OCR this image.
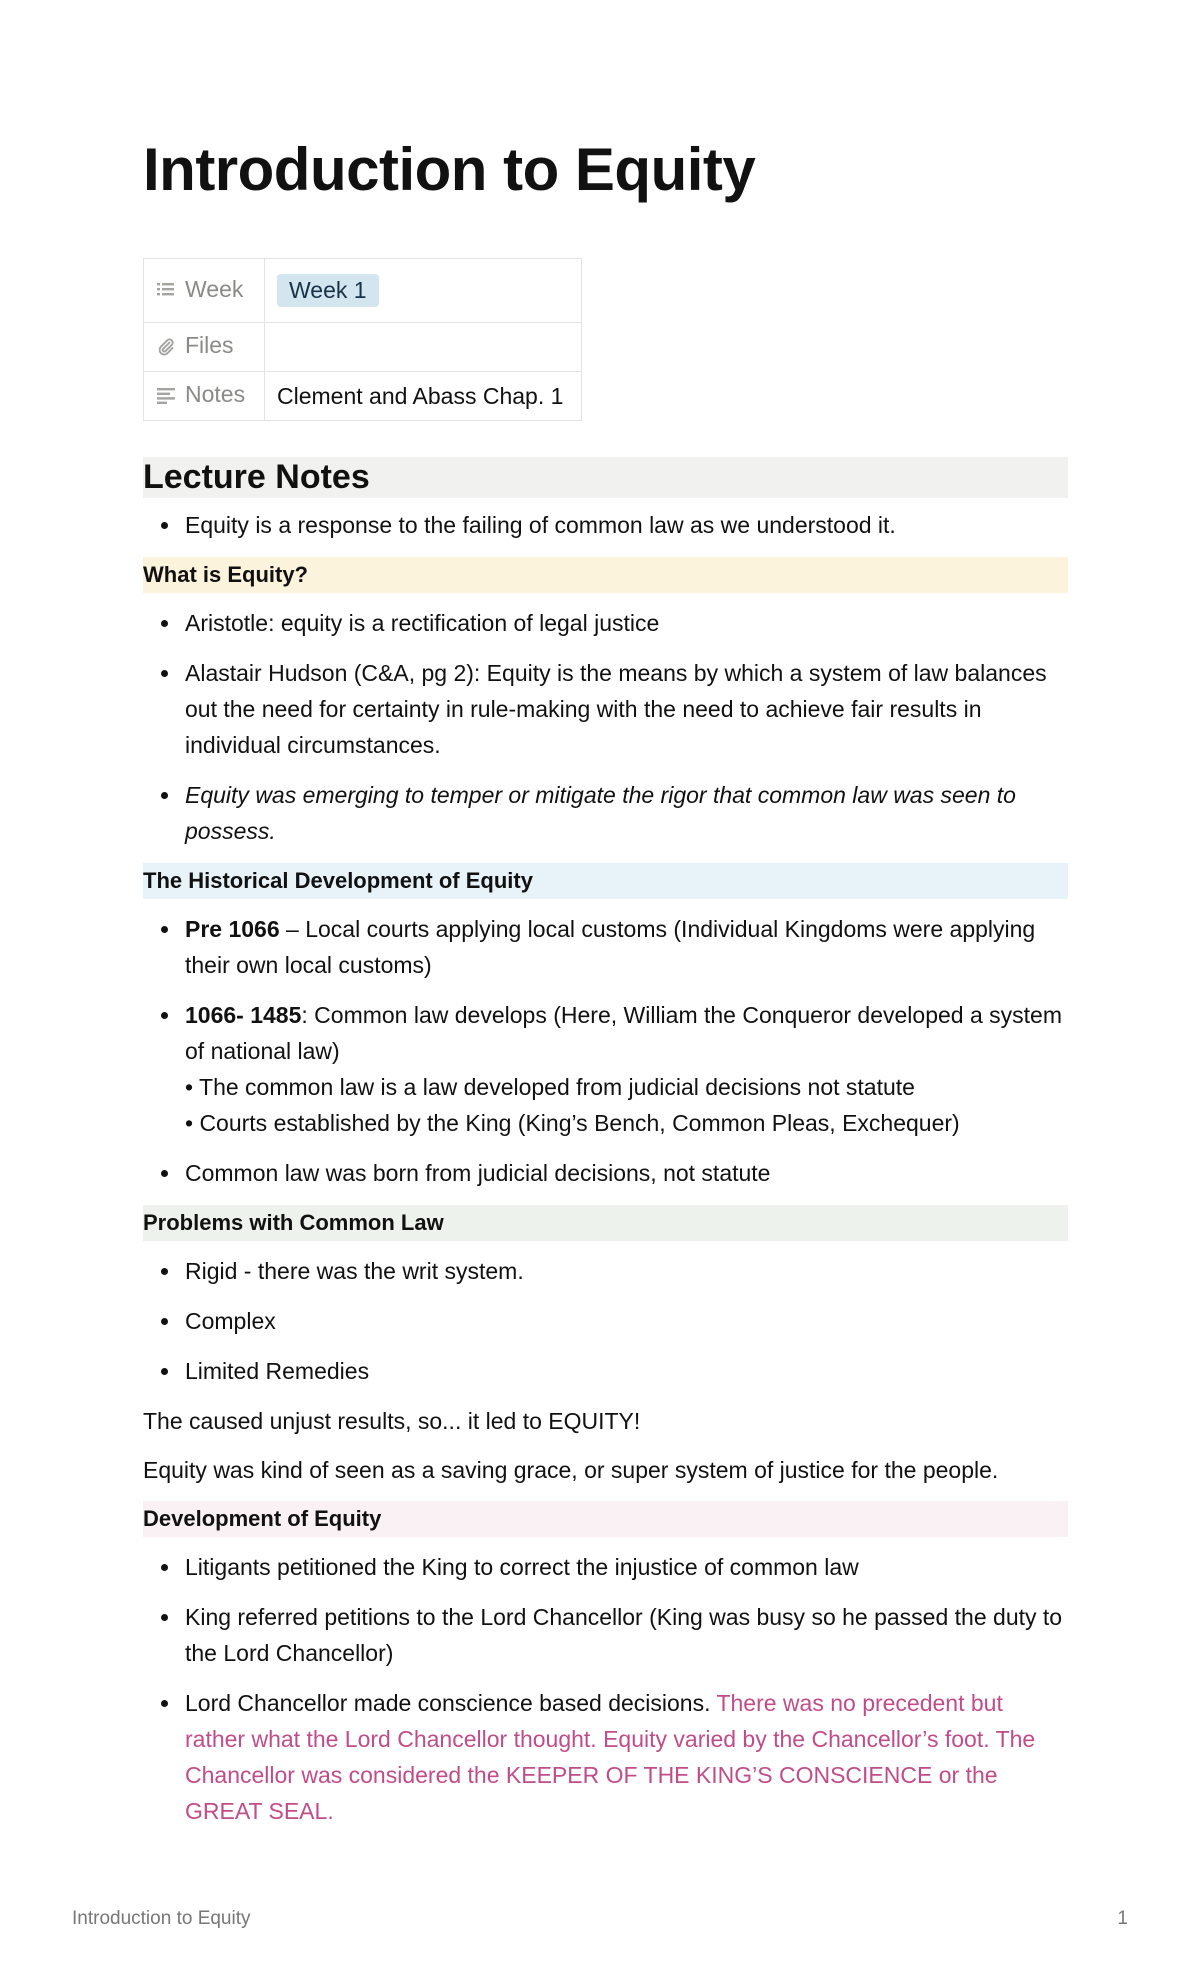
Introduction to Equity
Week	Week 1

Files	

Notes	Clement and Abass Chap. 1
Lecture Notes
Equity is a response to the failing of common law as we understood it.
What is Equity?
Aristotle: equity is a rectification of legal justice
Alastair Hudson (C&A, pg 2): Equity is the means by which a system of law balances out the need for certainty in rule-making with the need to achieve fair results in individual circumstances.
Equity was emerging to temper or mitigate the rigor that common law was seen to possess.
The Historical Development of Equity
Pre 1066 – Local courts applying local customs (Individual Kingdoms were applying their own local customs)
1066- 1485: Common law develops (Here, William the Conqueror developed a system of national law)
• The common law is a law developed from judicial decisions not statute
• Courts established by the King (King’s Bench, Common Pleas, Exchequer)
Common law was born from judicial decisions, not statute
Problems with Common Law
Rigid - there was the writ system.
Complex
Limited Remedies

The caused unjust results, so... it led to EQUITY!

Equity was kind of seen as a saving grace, or super system of justice for the people.

Development of Equity
Litigants petitioned the King to correct the injustice of common law
King referred petitions to the Lord Chancellor (King was busy so he passed the duty to the Lord Chancellor)
Lord Chancellor made conscience based decisions. There was no precedent but rather what the Lord Chancellor thought. Equity varied by the Chancellor’s foot. The Chancellor was considered the KEEPER OF THE KING’S CONSCIENCE or the GREAT SEAL.
Introduction to Equity	1
